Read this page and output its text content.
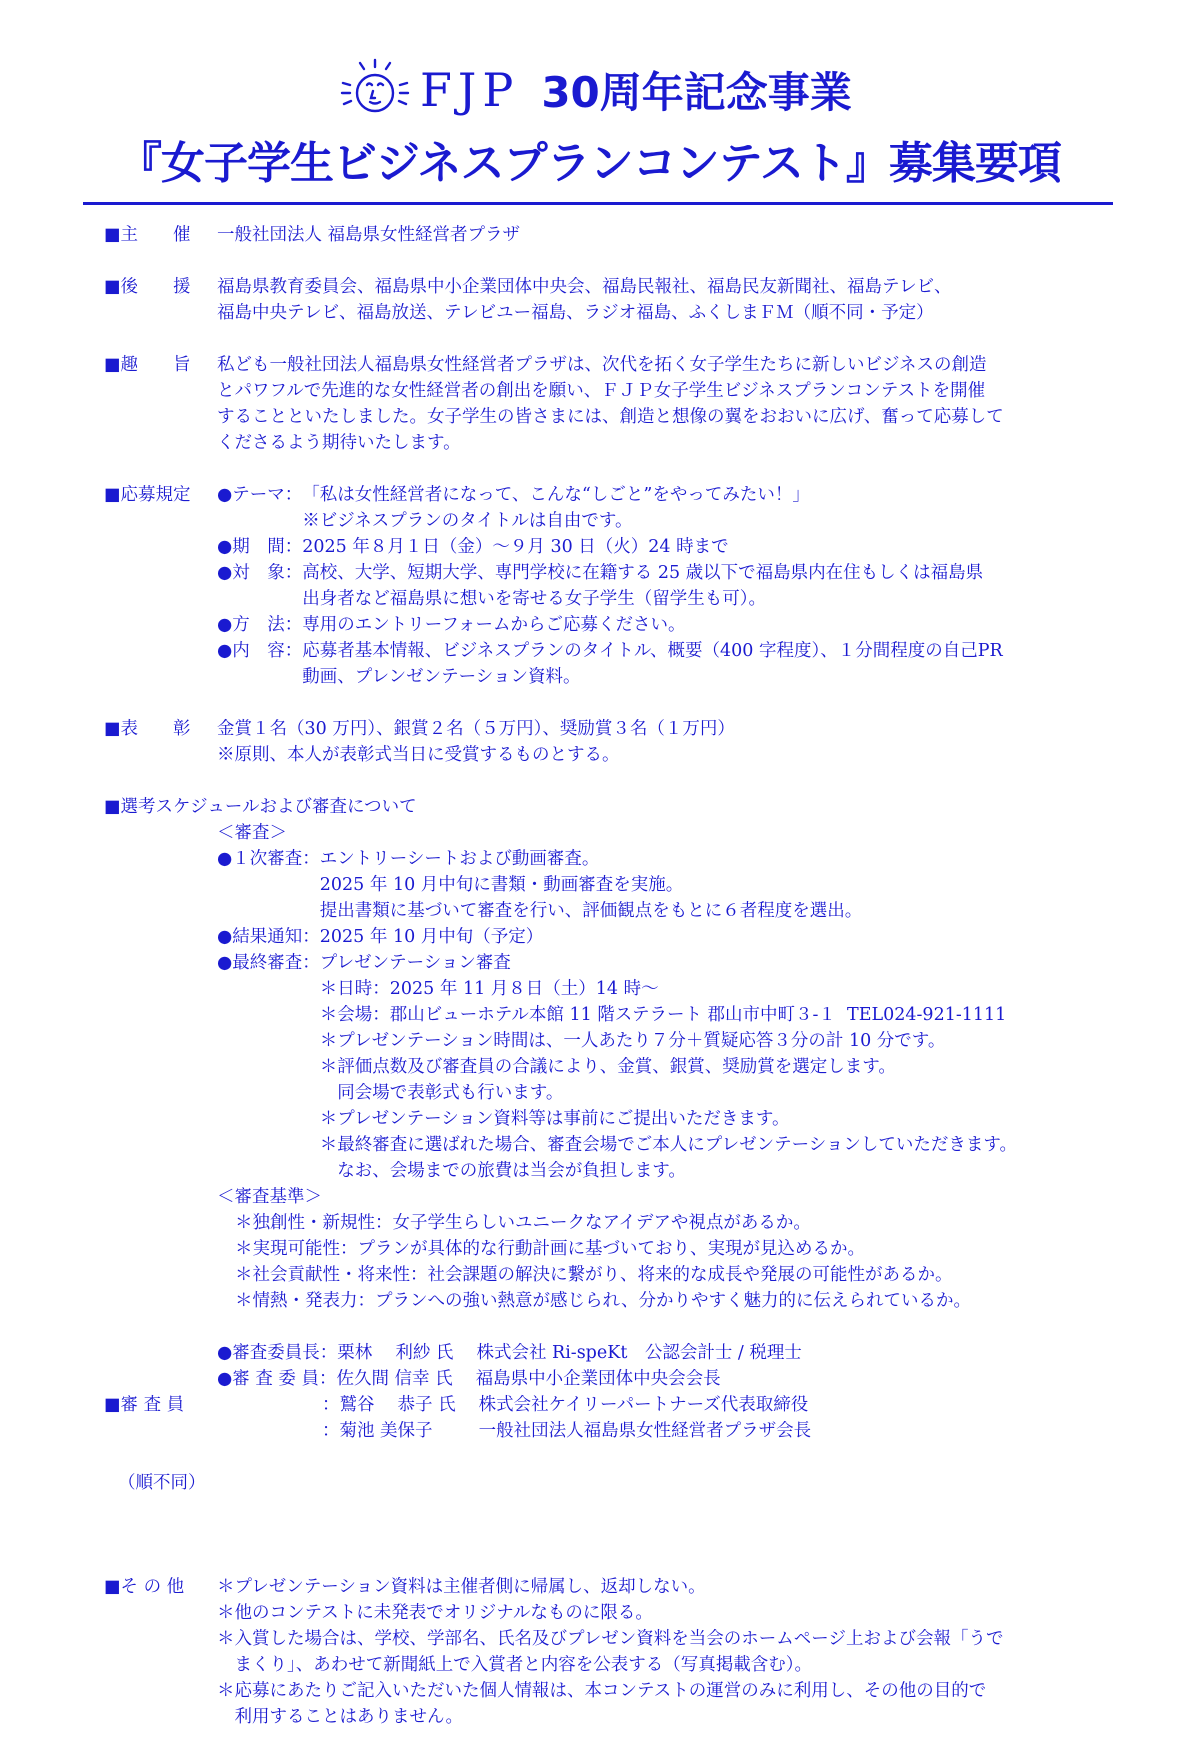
FJP 30周年記念事業
『女子学生ビジネスプランコンテスト』募集要項
■主　　催	一般社団法人 福島県女性経営者プラザ
■後　　援	福島県教育委員会、福島県中小企業団体中央会、福島民報社、福島民友新聞社、福島テレビ、
福島中央テレビ、福島放送、テレビユー福島、ラジオ福島、ふくしまＦＭ（順不同・予定）
■趣　　旨	私ども一般社団法人福島県女性経営者プラザは、次代を拓く女子学生たちに新しいビジネスの創造
とパワフルで先進的な女性経営者の創出を願い、ＦＪＰ女子学生ビジネスプランコンテストを開催
することといたしました。女子学生の皆さまには、創造と想像の翼をおおいに広げ、奮って応募して
くださるよう期待いたします。
■応募規定	●テーマ： 「私は女性経営者になって、こんな“しごと”をやってみたい！」
※ビジネスプランのタイトルは自由です。
●期　間： 2025 年８月１日（金）～９月 30 日（火）24 時まで
●対　象： 高校、大学、短期大学、専門学校に在籍する 25 歳以下で福島県内在住もしくは福島県
出身者など福島県に想いを寄せる女子学生（留学生も可）。
●方　法： 専用のエントリーフォームからご応募ください。
●内　容： 応募者基本情報、ビジネスプランのタイトル、概要（400 字程度）、１分間程度の自己PR
動画、プレンゼンテーション資料。
■表　　彰	金賞１名（30 万円）、銀賞２名（５万円）、奨励賞３名（１万円）
※原則、本人が表彰式当日に受賞するものとする。
■選考スケジュールおよび審査について
＜審査＞
●１次審査： エントリーシートおよび動画審査。
2025 年 10 月中旬に書類・動画審査を実施。
提出書類に基づいて審査を行い、評価観点をもとに６者程度を選出。
●結果通知： 2025 年 10 月中旬（予定）
●最終審査： プレゼンテーション審査
＊日時：2025 年 11 月８日（土）14 時～
＊会場：郡山ビューホテル本館 11 階ステラート 郡山市中町３-１  TEL024-921-1111
＊プレゼンテーション時間は、一人あたり７分＋質疑応答３分の計 10 分です。
＊評価点数及び審査員の合議により、金賞、銀賞、奨励賞を選定します。
　同会場で表彰式も行います。
＊プレゼンテーション資料等は事前にご提出いただきます。
＊最終審査に選ばれた場合、審査会場でご本人にプレゼンテーションしていただきます。
　なお、会場までの旅費は当会が負担します。
＜審査基準＞
＊独創性・新規性：女子学生らしいユニークなアイデアや視点があるか。
＊実現可能性：プランが具体的な行動計画に基づいており、実現が見込めるか。
＊社会貢献性・将来性：社会課題の解決に繋がり、将来的な成長や発展の可能性があるか。
＊情熱・発表力：プランへの強い熱意が感じられ、分かりやすく魅力的に伝えられているか。

■審 査 員

（順不同）

●審査委員長：栗林　 利紗 氏　 株式会社 Ri-speKt　公認会計士 / 税理士
●審 査 委 員：佐久間 信幸 氏　 福島県中小企業団体中央会会長
　　　　　　：鷲谷　 恭子 氏　 株式会社ケイリーパートナーズ代表取締役
　　　　　　：菊池 美保子　　  一般社団法人福島県女性経営者プラザ会長
■そ の 他	＊プレゼンテーション資料は主催者側に帰属し、返却しない。
＊他のコンテストに未発表でオリジナルなものに限る。
＊入賞した場合は、学校、学部名、氏名及びプレゼン資料を当会のホームページ上および会報「うで
　まくり」、あわせて新聞紙上で入賞者と内容を公表する（写真掲載含む）。
＊応募にあたりご記入いただいた個人情報は、本コンテストの運営のみに利用し、その他の目的で
　利用することはありません。
